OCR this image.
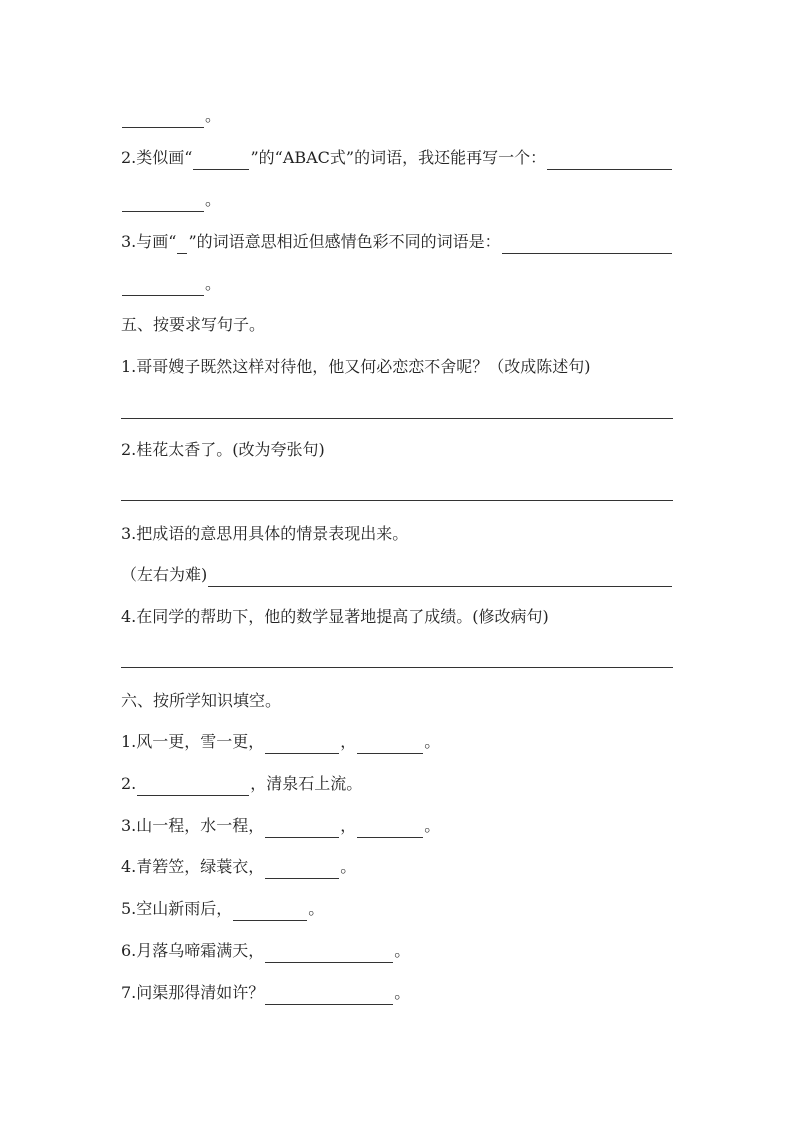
。
2. 类似画“	”的“ABAC式”的词语，我还能再写一个：
。
3. 与画“ ”的词语意思相近但感情色彩不同的词语是：
。
五、按要求写句子。
1.哥哥嫂子既然这样对待他，他又何必恋恋不舍呢？（改成陈述句)
2.桂花太香了。(改为夸张句)
3.把成语的意思用具体的情景表现出来。
（左右为难)
4.在同学的帮助下，他的数学显著地提高了成绩。(修改病句)
六、按所学知识填空。
1.风一更，雪一更，	，	。
2.	，清泉石上流。
3.山一程，水一程，	，	。
4.青箬笠，绿蓑衣，	。
5.空山新雨后，	。
6.月落乌啼霜满天，	。
7.问渠那得清如许？	。
